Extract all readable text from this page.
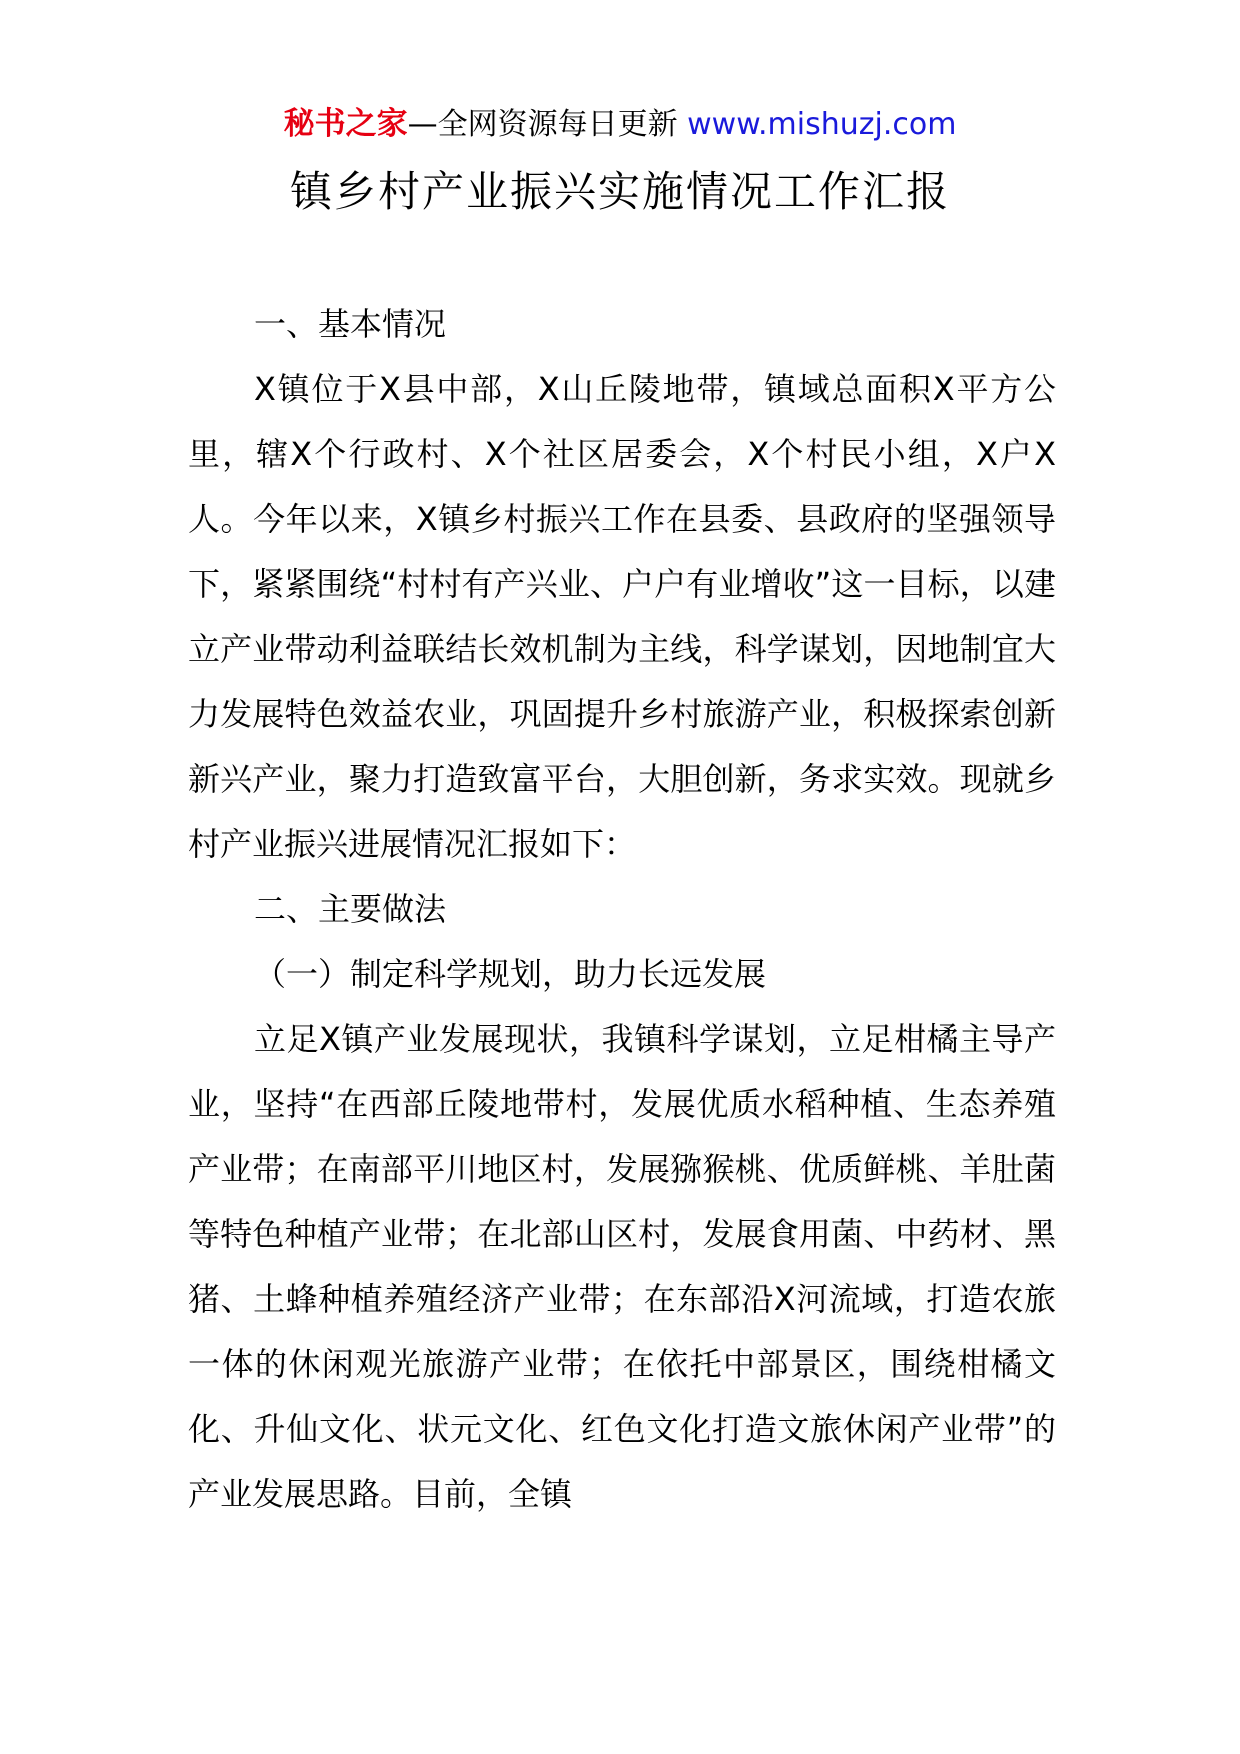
秘书之家—全网资源每日更新 www.mishuzj.com
镇乡村产业振兴实施情况工作汇报

一、基本情况

X镇位于X县中部，X山丘陵地带，镇域总面积X平方公里，辖X个行政村、X个社区居委会，X个村民小组，X户X人。今年以来，X镇乡村振兴工作在县委、县政府的坚强领导下，紧紧围绕“村村有产兴业、户户有业增收”这一目标，以建立产业带动利益联结长效机制为主线，科学谋划，因地制宜大力发展特色效益农业，巩固提升乡村旅游产业，积极探索创新新兴产业，聚力打造致富平台，大胆创新，务求实效。现就乡村产业振兴进展情况汇报如下：

二、主要做法

（一）制定科学规划，助力长远发展

立足X镇产业发展现状，我镇科学谋划，立足柑橘主导产业，坚持“在西部丘陵地带村，发展优质水稻种植、生态养殖产业带；在南部平川地区村，发展猕猴桃、优质鲜桃、羊肚菌等特色种植产业带；在北部山区村，发展食用菌、中药材、黑猪、土蜂种植养殖经济产业带；在东部沿X河流域，打造农旅一体的休闲观光旅游产业带；在依托中部景区，围绕柑橘文化、升仙文化、状元文化、红色文化打造文旅休闲产业带”的产业发展思路。目前，全镇
